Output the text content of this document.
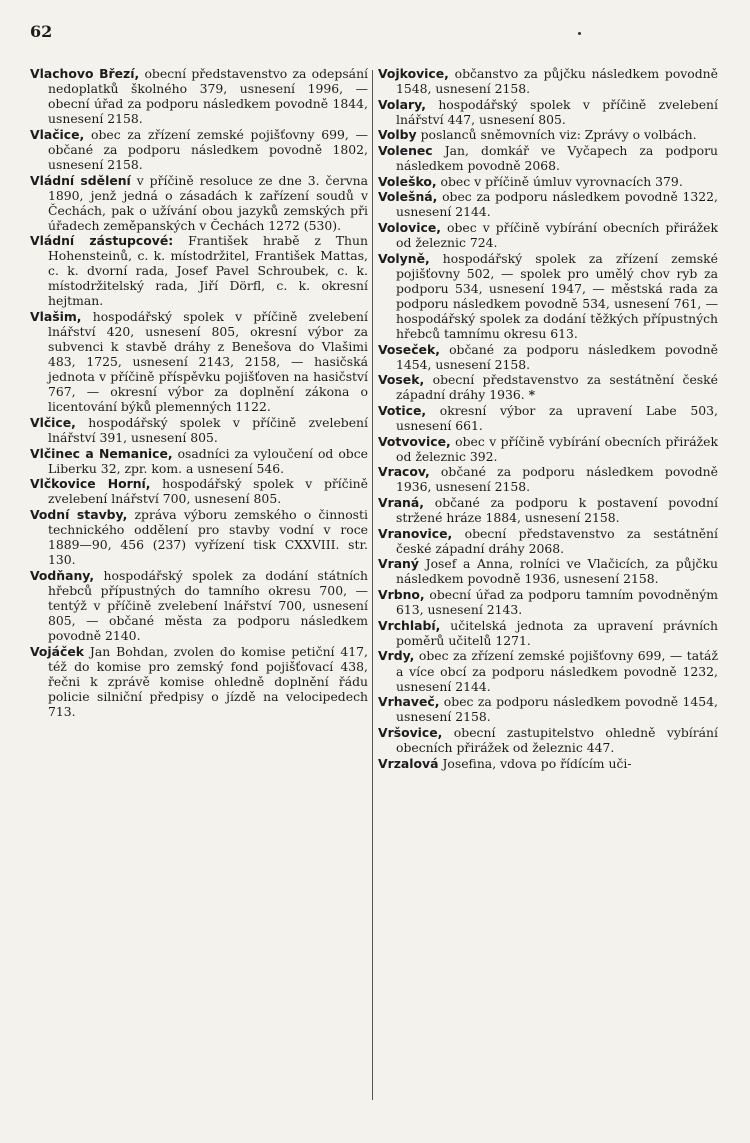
62
Vlachovo Březí, obecní představenstvo za odepsání nedoplatků školného 379, usnesení 1996, — obecní úřad za podporu následkem povodně 1844, usnesení 2158.
Vlačice, obec za zřízení zemské pojišťovny 699, — občané za podporu následkem povodně 1802, usnesení 2158.
Vládní sdělení v příčině resoluce ze dne 3. června 1890, jenž jedná o zásadách k zařízení soudů v Čechách, pak o užívání obou jazyků zemských při úřadech zeměpanských v Čechách 1272 (530).
Vládní zástupcové: František hrabě z Thun Hohensteinů, c. k. místodržitel, František Mattas, c. k. dvorní rada, Josef Pavel Schroubek, c. k. místodržitelský rada, Jiří Dörfl, c. k. okresní hejtman.
Vlašim, hospodářský spolek v příčině zvelebení lnářství 420, usnesení 805, okresní výbor za subvenci k stavbě dráhy z Benešova do Vlašimi 483, 1725, usnesení 2143, 2158, — hasičská jednota v příčině příspěvku pojišťoven na hasičství 767, — okresní výbor za doplnění zákona o licentování býků plemenných 1122.
Vlčice, hospodářský spolek v příčině zvelebení lnářství 391, usnesení 805.
Vlčinec a Nemanice, osadníci za vyloučení od obce Liberku 32, zpr. kom. a usnesení 546.
Vlčkovice Horní, hospodářský spolek v příčině zvelebení lnářství 700, usnesení 805.
Vodní stavby, zpráva výboru zemského o činnosti technického oddělení pro stavby vodní v roce 1889—90, 456 (237) vyřízení tisk CXXVIII. str. 130.
Vodňany, hospodářský spolek za dodání státních hřebců přípustných do tamního okresu 700, — tentýž v příčině zvelebení lnářství 700, usnesení 805, — občané města za podporu následkem povodně 2140.
Vojáček Jan Bohdan, zvolen do komise petiční 417, též do komise pro zemský fond pojišťovací 438, řečni k zprávě komise ohledně doplnění řádu policie silniční předpisy o jízdě na velocipedech 713.
Vojkovice, občanstvo za půjčku následkem povodně 1548, usnesení 2158.
Volary, hospodářský spolek v příčině zvelebení lnářství 447, usnesení 805.
Volby poslanců sněmovních viz: Zprávy o volbách.
Volenec Jan, domkář ve Vyčapech za podporu následkem povodně 2068.
Voleško, obec v příčině úmluv vyrovnacích 379.
Volešná, obec za podporu následkem povodně 1322, usnesení 2144.
Volovice, obec v příčině vybírání obecních přirážek od železnic 724.
Volyně, hospodářský spolek za zřízení zemské pojišťovny 502, — spolek pro umělý chov ryb za podporu 534, usnesení 1947, — městská rada za podporu následkem povodně 534, usnesení 761, — hospodářský spolek za dodání těžkých přípustných hřebců tamnímu okresu 613.
Voseček, občané za podporu následkem povodně 1454, usnesení 2158.
Vosek, obecní představenstvo za sestátnění české západní dráhy 1936. *
Votice, okresní výbor za upravení Labe 503, usnesení 661.
Votvovice, obec v příčině vybírání obecních přirážek od železnic 392.
Vracov, občané za podporu následkem povodně 1936, usnesení 2158.
Vraná, občané za podporu k postavení povodní stržené hráze 1884, usnesení 2158.
Vranovice, obecní představenstvo za sestátnění české západní dráhy 2068.
Vraný Josef a Anna, rolníci ve Vlačicích, za půjčku následkem povodně 1936, usnesení 2158.
Vrbno, obecní úřad za podporu tamním povodněným 613, usnesení 2143.
Vrchlabí, učitelská jednota za upravení právních poměrů učitelů 1271.
Vrdy, obec za zřízení zemské pojišťovny 699, — tatáž a více obcí za podporu následkem povodně 1232, usnesení 2144.
Vrhaveč, obec za podporu následkem povodně 1454, usnesení 2158.
Vršovice, obecní zastupitelstvo ohledně vybírání obecních přirážek od železnic 447.
Vrzalová Josefina, vdova po řídícím uči-
